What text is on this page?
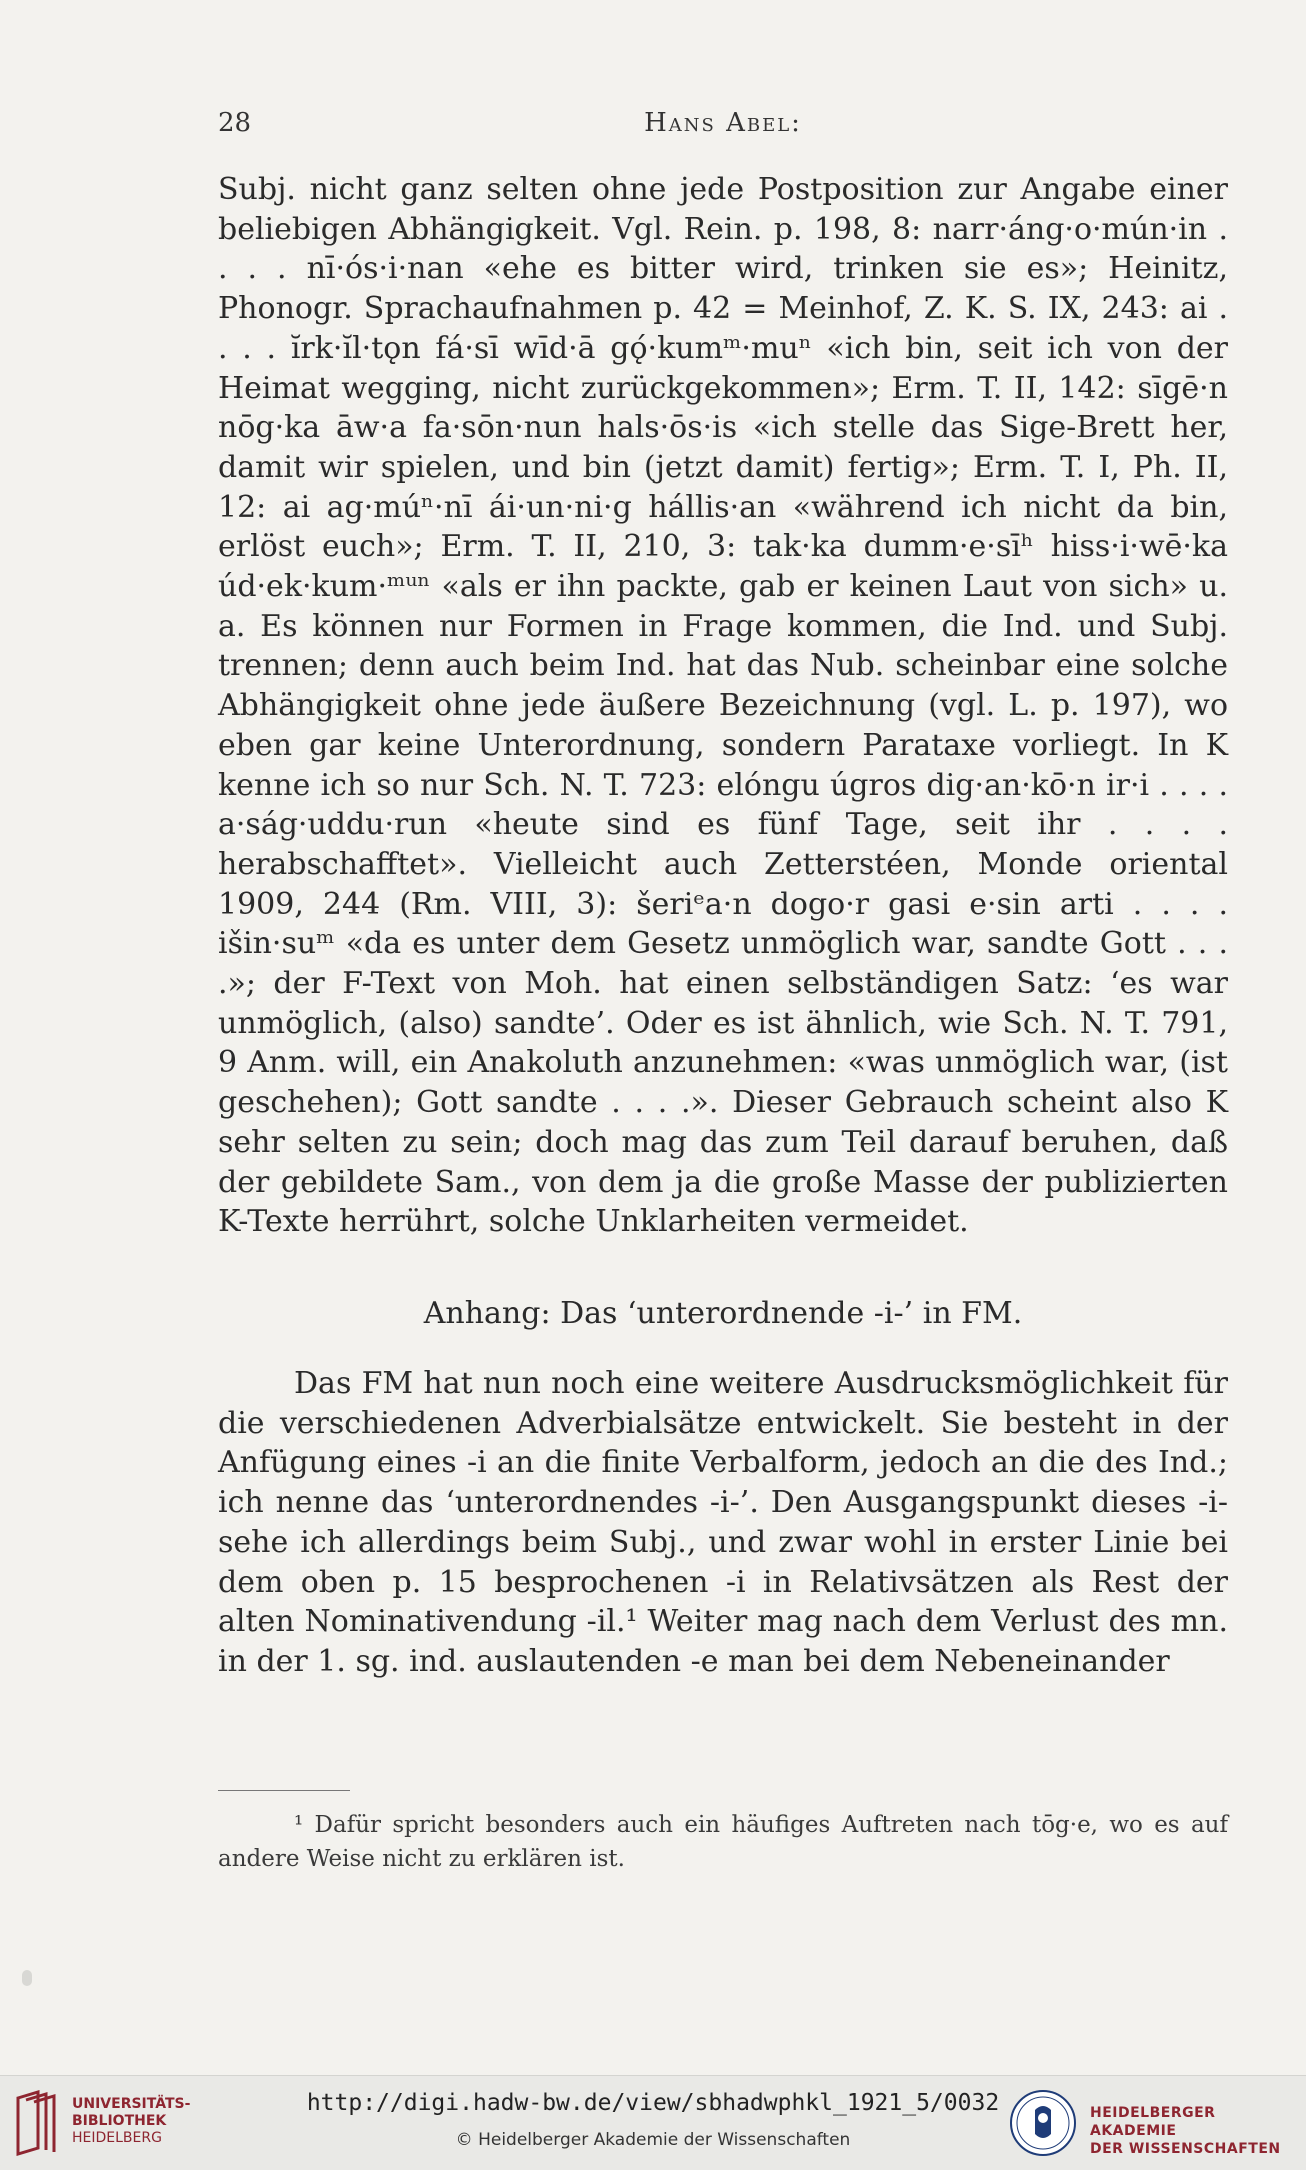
28	Hans Abel:

Subj. nicht ganz selten ohne jede Postposition zur Angabe einer beliebigen Abhängigkeit. Vgl. Rein. p. 198, 8: narr·áng·o·mún·in . . . . nī·ós·i·nan «ehe es bitter wird, trinken sie es»; Heinitz, Phonogr. Sprachaufnahmen p. 42 = Meinhof, Z. K. S. IX, 243: ai . . . . ĭrk·ĭl·tǫn fá·sī wīd·ā gǫ́·kumᵐ·muⁿ «ich bin, seit ich von der Heimat wegging, nicht zurückgekommen»; Erm. T. II, 142: sīgē·n nōg·ka āw·a fa·sōn·nun hals·ōs·is «ich stelle das Sige-Brett her, damit wir spielen, und bin (jetzt damit) fertig»; Erm. T. I, Ph. II, 12: ai ag·múⁿ·nī ái·un·ni·g hállis·an «während ich nicht da bin, erlöst euch»; Erm. T. II, 210, 3: tak·ka dumm·e·sīʰ hiss·i·wē·ka úd·ek·kum·ᵐᵘⁿ «als er ihn packte, gab er keinen Laut von sich» u. a. Es können nur Formen in Frage kommen, die Ind. und Subj. trennen; denn auch beim Ind. hat das Nub. scheinbar eine solche Abhängigkeit ohne jede äußere Bezeichnung (vgl. L. p. 197), wo eben gar keine Unterordnung, sondern Parataxe vorliegt. In K kenne ich so nur Sch. N. T. 723: elóngu úgros dig·an·kō·n ir·i . . . . a·ság·uddu·run «heute sind es fünf Tage, seit ihr . . . . herabschafftet». Vielleicht auch Zetterstéen, Monde oriental 1909, 244 (Rm. VIII, 3): šeriᵉa·n dogo·r gasi e·sin arti . . . . išin·suᵐ «da es unter dem Gesetz unmöglich war, sandte Gott . . . .»; der F-Text von Moh. hat einen selbständigen Satz: ‘es war unmöglich, (also) sandte’. Oder es ist ähnlich, wie Sch. N. T. 791, 9 Anm. will, ein Anakoluth anzunehmen: «was unmöglich war, (ist geschehen); Gott sandte . . . .». Dieser Gebrauch scheint also K sehr selten zu sein; doch mag das zum Teil darauf beruhen, daß der gebildete Sam., von dem ja die große Masse der publizierten K-Texte herrührt, solche Unklarheiten vermeidet.

Anhang: Das ‘unterordnende -i-’ in FM.

Das FM hat nun noch eine weitere Ausdrucksmöglichkeit für die verschiedenen Adverbialsätze entwickelt. Sie besteht in der Anfügung eines -i an die finite Verbalform, jedoch an die des Ind.; ich nenne das ‘unterordnendes -i-’. Den Ausgangspunkt dieses -i- sehe ich allerdings beim Subj., und zwar wohl in erster Linie bei dem oben p. 15 besprochenen -i in Relativsätzen als Rest der alten Nominativendung -il.¹ Weiter mag nach dem Verlust des mn. in der 1. sg. ind. auslautenden -e man bei dem Nebeneinander

¹ Dafür spricht besonders auch ein häufiges Auftreten nach tōg·e, wo es auf andere Weise nicht zu erklären ist.

UNIVERSITÄTS-
BIBLIOTHEK
HEIDELBERG
http://digi.hadw-bw.de/view/sbhadwphkl_1921_5/0032
© Heidelberger Akademie der Wissenschaften
HEIDELBERGER AKADEMIE
DER WISSENSCHAFTEN
